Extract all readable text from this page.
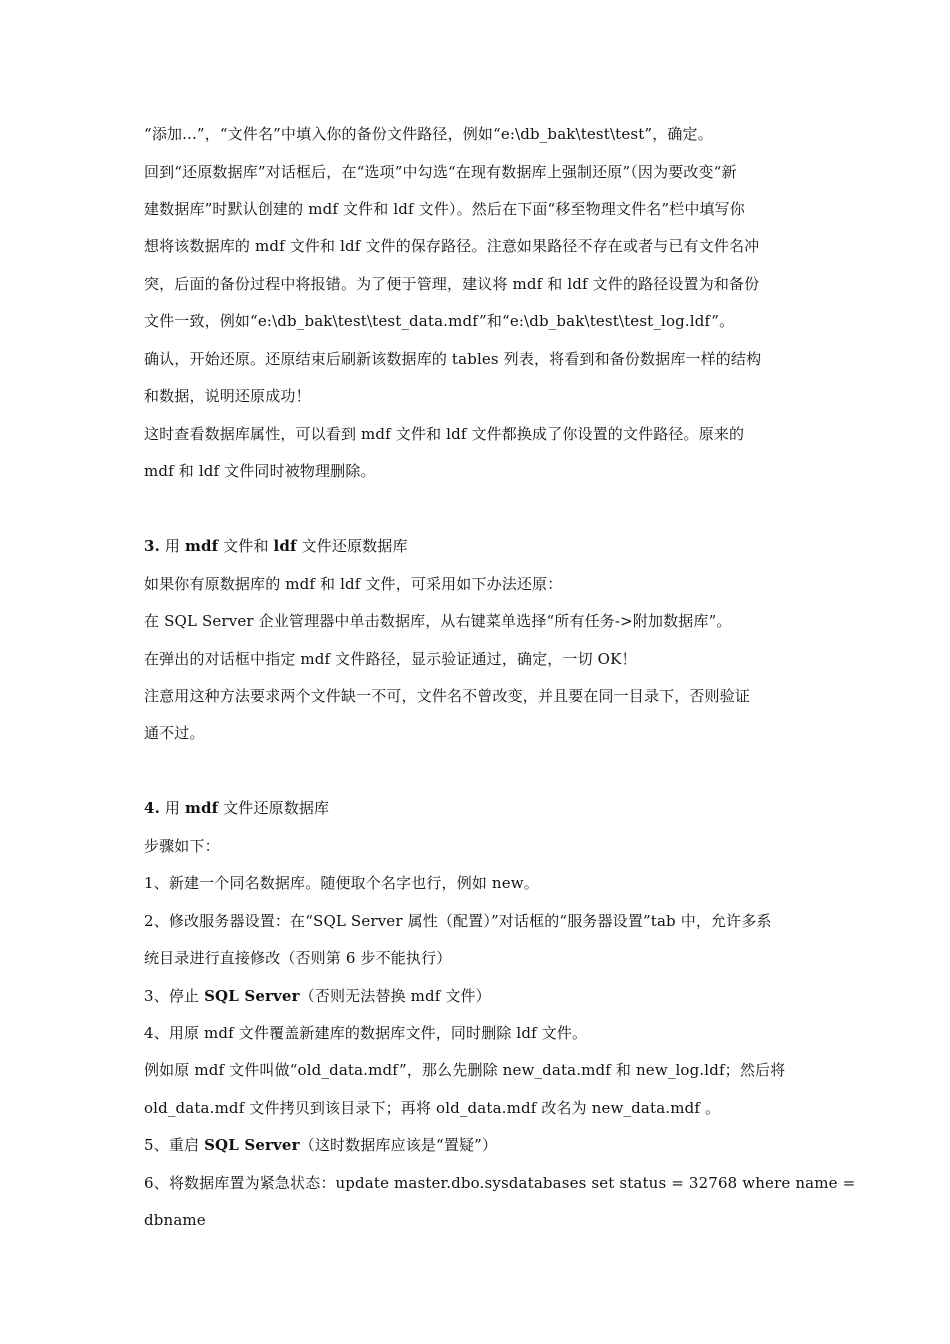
“添加...”，“文件名”中填入你的备份文件路径，例如“e:\db_bak\test\test”，确定。
回到“还原数据库”对话框后，在“选项”中勾选“在现有数据库上强制还原”（因为要改变“新
建数据库”时默认创建的 mdf 文件和 ldf 文件）。然后在下面“移至物理文件名”栏中填写你
想将该数据库的 mdf 文件和 ldf 文件的保存路径。注意如果路径不存在或者与已有文件名冲
突，后面的备份过程中将报错。为了便于管理，建议将 mdf 和 ldf 文件的路径设置为和备份
文件一致，例如“e:\db_bak\test\test_data.mdf”和“e:\db_bak\test\test_log.ldf”。
确认，开始还原。还原结束后刷新该数据库的 tables 列表，将看到和备份数据库一样的结构
和数据，说明还原成功！
这时查看数据库属性，可以看到 mdf 文件和 ldf 文件都换成了你设置的文件路径。原来的
mdf 和 ldf 文件同时被物理删除。
3. 用 mdf 文件和 ldf 文件还原数据库
如果你有原数据库的 mdf 和 ldf 文件，可采用如下办法还原：
在 SQL Server 企业管理器中单击数据库，从右键菜单选择“所有任务->附加数据库”。
在弹出的对话框中指定 mdf 文件路径，显示验证通过，确定，一切 OK！
注意用这种方法要求两个文件缺一不可，文件名不曾改变，并且要在同一目录下，否则验证
通不过。
4. 用 mdf 文件还原数据库
步骤如下：
1、新建一个同名数据库。随便取个名字也行，例如 new。
2、修改服务器设置：在“SQL Server 属性（配置）”对话框的“服务器设置”tab 中，允许多系
统目录进行直接修改（否则第 6 步不能执行）
3、停止 SQL Server（否则无法替换 mdf 文件）
4、用原 mdf 文件覆盖新建库的数据库文件，同时删除 ldf 文件。
例如原 mdf 文件叫做“old_data.mdf”，那么先删除 new_data.mdf 和 new_log.ldf；然后将
old_data.mdf 文件拷贝到该目录下；再将 old_data.mdf 改名为 new_data.mdf 。
5、重启 SQL Server（这时数据库应该是“置疑”）
6、将数据库置为紧急状态：update master.dbo.sysdatabases set status = 32768 where name =
dbname
